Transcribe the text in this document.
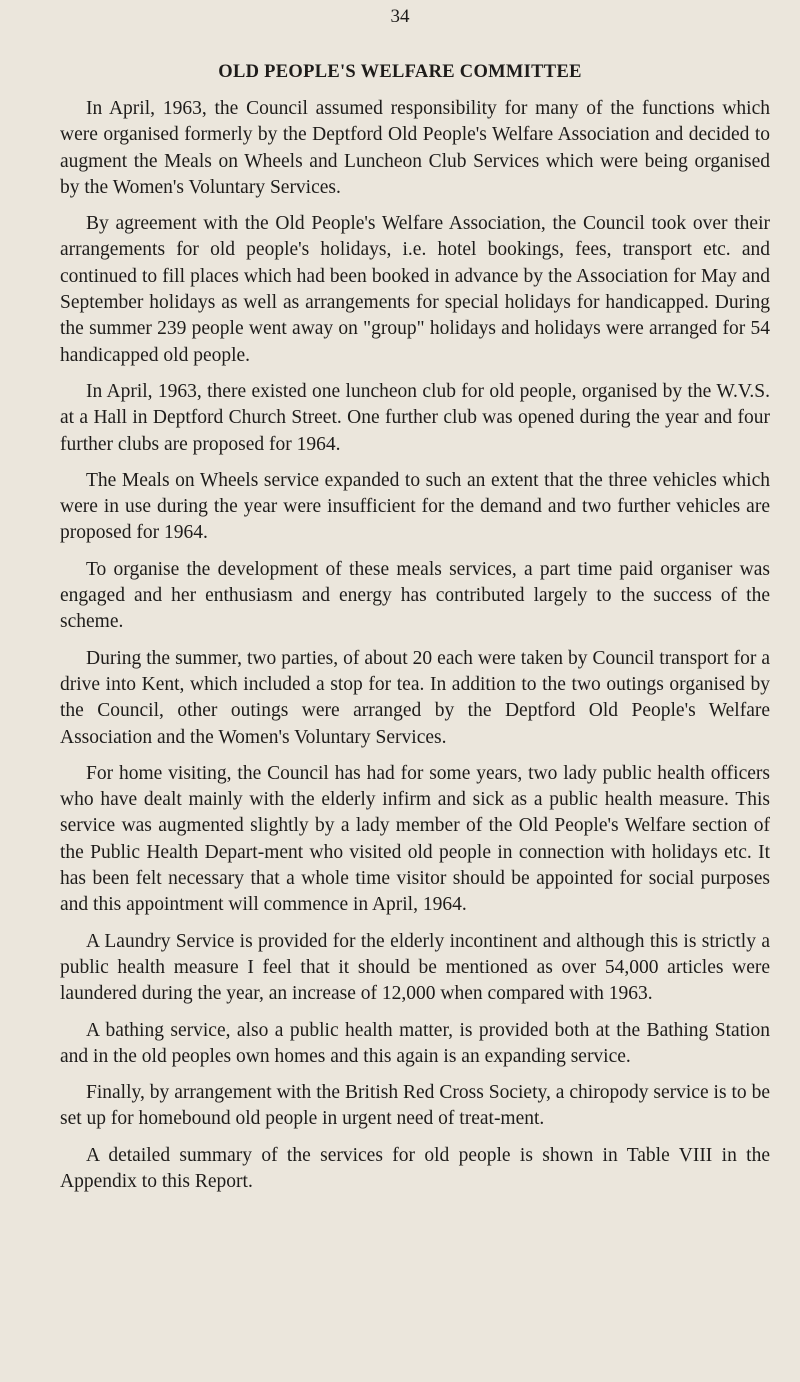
34
OLD PEOPLE'S WELFARE COMMITTEE

In April, 1963, the Council assumed responsibility for many of the functions which were organised formerly by the Deptford Old People's Welfare Association and decided to augment the Meals on Wheels and Luncheon Club Services which were being organised by the Women's Voluntary Services.

By agreement with the Old People's Welfare Association, the Council took over their arrangements for old people's holidays, i.e. hotel bookings, fees, transport etc. and continued to fill places which had been booked in advance by the Association for May and September holidays as well as arrangements for special holidays for handicapped. During the summer 239 people went away on "group" holidays and holidays were arranged for 54 handicapped old people.

In April, 1963, there existed one luncheon club for old people, organised by the W.V.S. at a Hall in Deptford Church Street. One further club was opened during the year and four further clubs are proposed for 1964.

The Meals on Wheels service expanded to such an extent that the three vehicles which were in use during the year were insufficient for the demand and two further vehicles are proposed for 1964.

To organise the development of these meals services, a part time paid organiser was engaged and her enthusiasm and energy has contributed largely to the success of the scheme.

During the summer, two parties, of about 20 each were taken by Council transport for a drive into Kent, which included a stop for tea. In addition to the two outings organised by the Council, other outings were arranged by the Deptford Old People's Welfare Association and the Women's Voluntary Services.

For home visiting, the Council has had for some years, two lady public health officers who have dealt mainly with the elderly infirm and sick as a public health measure. This service was augmented slightly by a lady member of the Old People's Welfare section of the Public Health Depart-ment who visited old people in connection with holidays etc. It has been felt necessary that a whole time visitor should be appointed for social purposes and this appointment will commence in April, 1964.

A Laundry Service is provided for the elderly incontinent and although this is strictly a public health measure I feel that it should be mentioned as over 54,000 articles were laundered during the year, an increase of 12,000 when compared with 1963.

A bathing service, also a public health matter, is provided both at the Bathing Station and in the old peoples own homes and this again is an expanding service.

Finally, by arrangement with the British Red Cross Society, a chiropody service is to be set up for homebound old people in urgent need of treat-ment.

A detailed summary of the services for old people is shown in Table VIII in the Appendix to this Report.
